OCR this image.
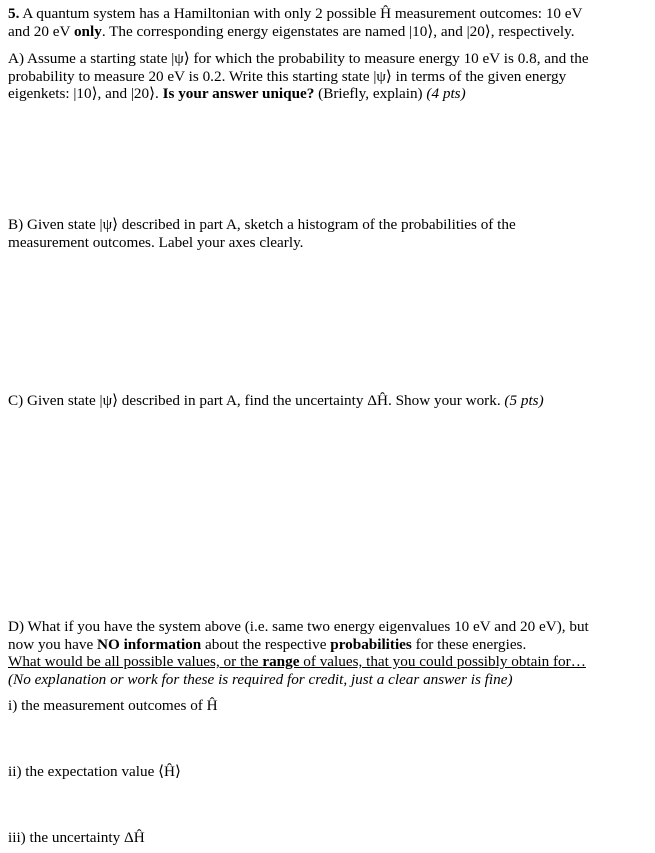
5. A quantum system has a Hamiltonian with only 2 possible Ĥ measurement outcomes: 10 eV
and 20 eV only. The corresponding energy eigenstates are named |10⟩, and |20⟩, respectively.
A) Assume a starting state |ψ⟩ for which the probability to measure energy 10 eV is 0.8, and the
probability to measure 20 eV is 0.2. Write this starting state |ψ⟩ in terms of the given energy
eigenkets: |10⟩, and |20⟩. Is your answer unique? (Briefly, explain) (4 pts)
B) Given state |ψ⟩ described in part A, sketch a histogram of the probabilities of the
measurement outcomes. Label your axes clearly.
C) Given state |ψ⟩ described in part A, find the uncertainty ΔĤ. Show your work. (5 pts)
D) What if you have the system above (i.e. same two energy eigenvalues 10 eV and 20 eV), but
now you have NO information about the respective probabilities for these energies.
What would be all possible values, or the range of values, that you could possibly obtain for…
(No explanation or work for these is required for credit, just a clear answer is fine)
i) the measurement outcomes of Ĥ
ii) the expectation value ⟨Ĥ⟩
iii) the uncertainty ΔĤ
